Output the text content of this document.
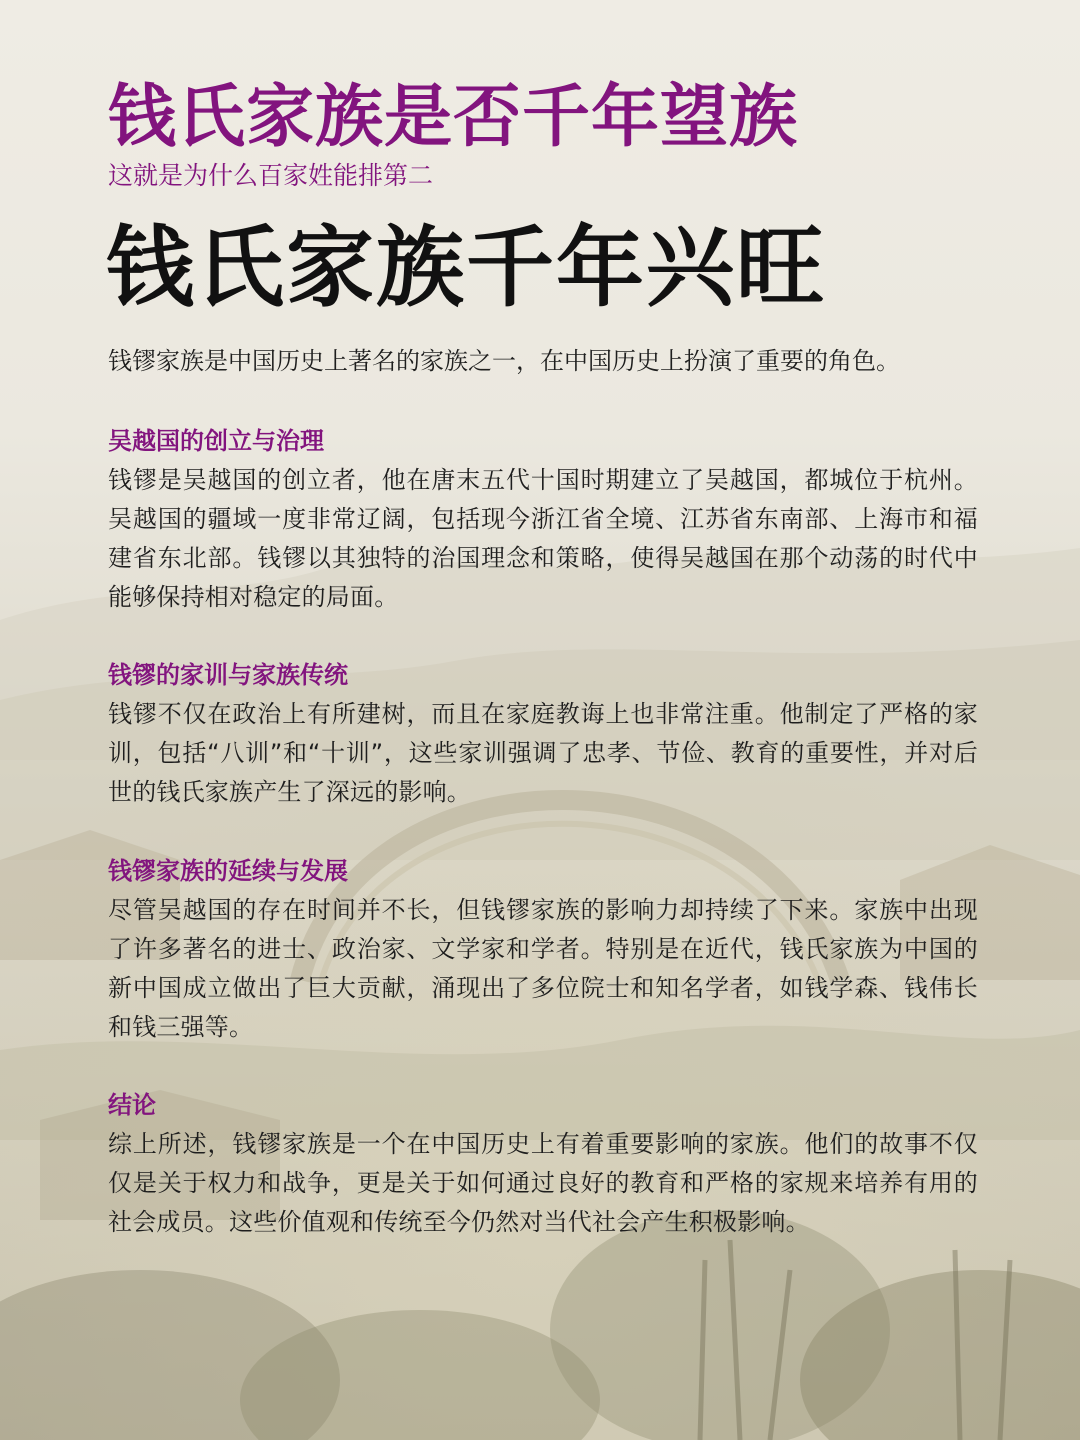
钱氏家族是否千年望族
这就是为什么百家姓能排第二
钱氏家族千年兴旺

钱镠家族是中国历史上著名的家族之一，在中国历史上扮演了重要的角色。

吴越国的创立与治理

钱镠是吴越国的创立者，他在唐末五代十国时期建立了吴越国，都城位于杭州。吴越国的疆域一度非常辽阔，包括现今浙江省全境、江苏省东南部、上海市和福建省东北部。钱镠以其独特的治国理念和策略，使得吴越国在那个动荡的时代中能够保持相对稳定的局面。

钱镠的家训与家族传统

钱镠不仅在政治上有所建树，而且在家庭教诲上也非常注重。他制定了严格的家训，包括“八训”和“十训”，这些家训强调了忠孝、节俭、教育的重要性，并对后世的钱氏家族产生了深远的影响。

钱镠家族的延续与发展

尽管吴越国的存在时间并不长，但钱镠家族的影响力却持续了下来。家族中出现了许多著名的进士、政治家、文学家和学者。特别是在近代，钱氏家族为中国的新中国成立做出了巨大贡献，涌现出了多位院士和知名学者，如钱学森、钱伟长和钱三强等。

结论

综上所述，钱镠家族是一个在中国历史上有着重要影响的家族。他们的故事不仅仅是关于权力和战争，更是关于如何通过良好的教育和严格的家规来培养有用的社会成员。这些价值观和传统至今仍然对当代社会产生积极影响。
